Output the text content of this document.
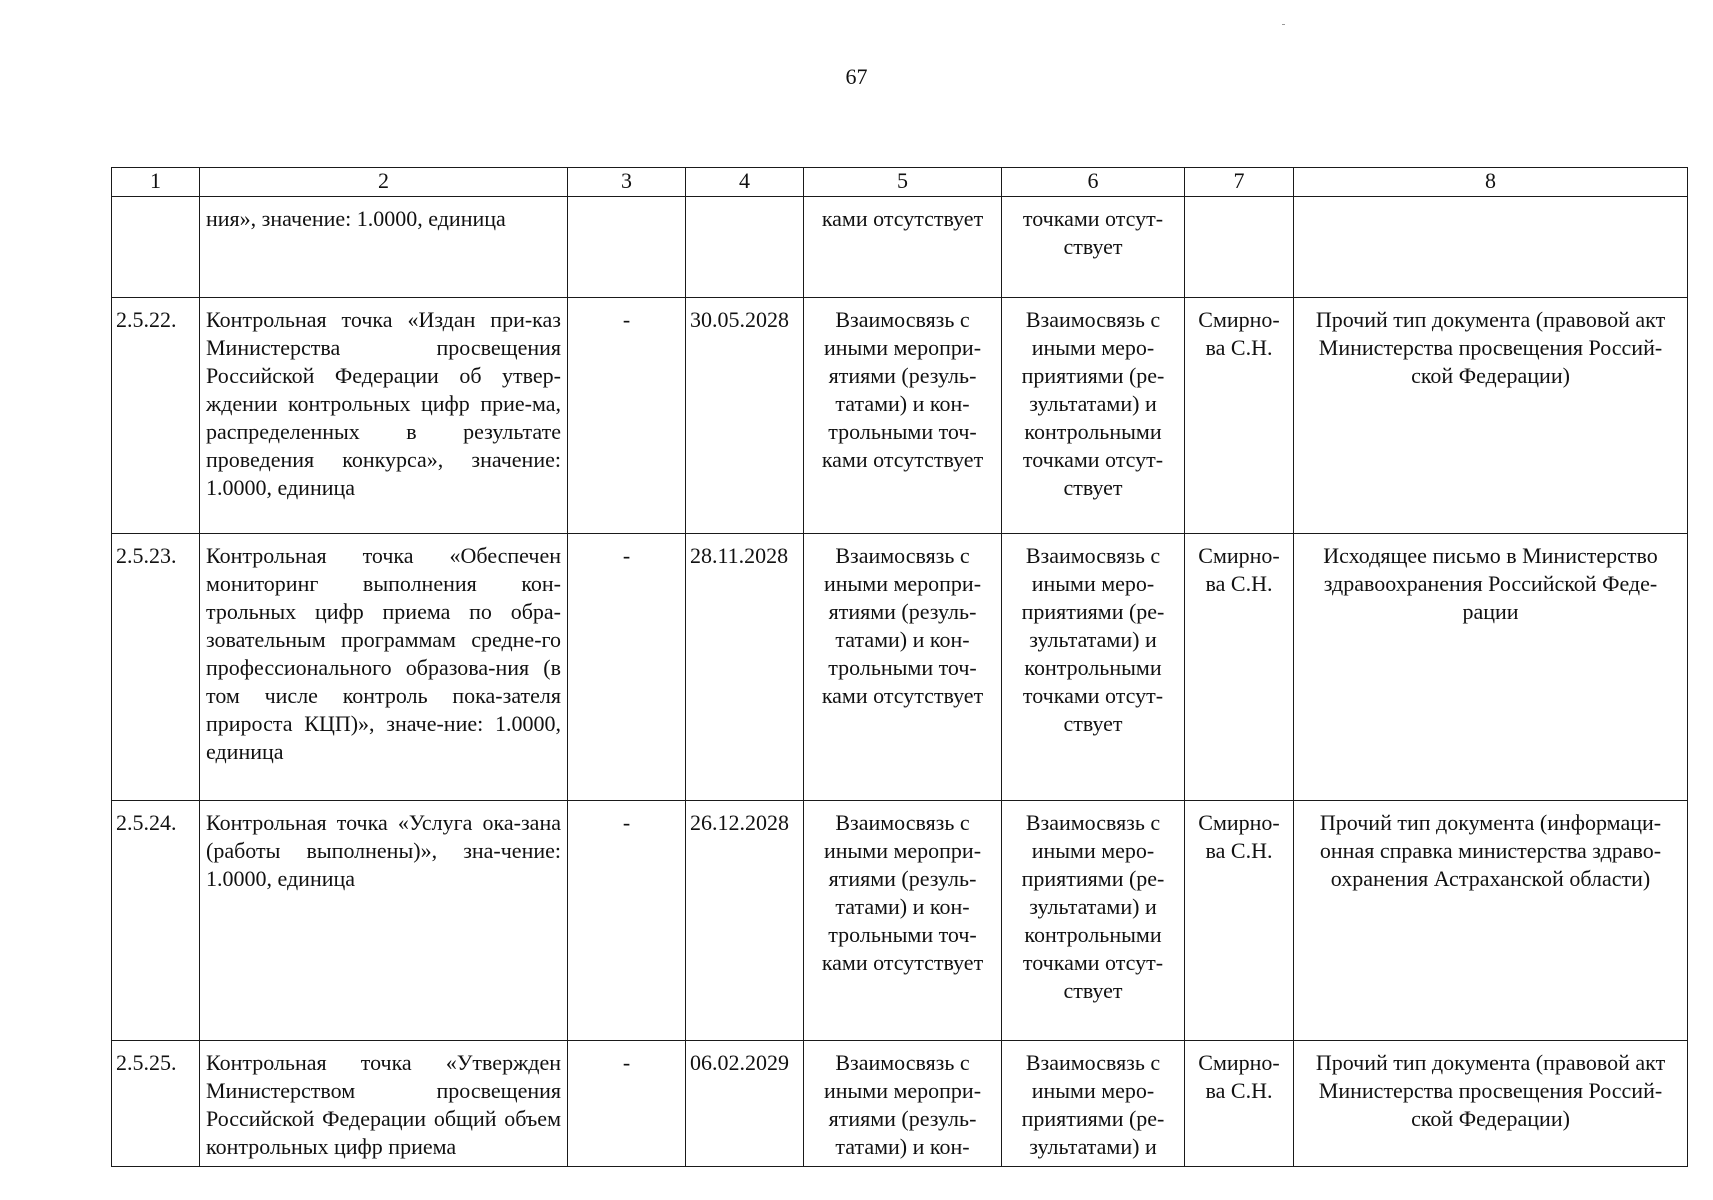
67
1	2	3	4	5	6	7	8
	ния», значение: 1.0000, единица			ками отсутствует	точками отсут-ствует		
2.5.22.	Контрольная точка «Издан при-каз Министерства просвещения Российской Федерации об утвер-ждении контрольных цифр прие-ма, распределенных в результате проведения конкурса», значение: 1.0000, единица	-	30.05.2028	Взаимосвязь с иными меропри-ятиями (резуль-татами) и кон-трольными точ-ками отсутствует	Взаимосвязь с иными меро-приятиями (ре-зультатами) и контрольными точками отсут-ствует	Смирно-ва С.Н.	Прочий тип документа (правовой акт Министерства просвещения Россий-ской Федерации)
2.5.23.	Контрольная точка «Обеспечен мониторинг выполнения кон-трольных цифр приема по обра-зовательным программам средне-го профессионального образова-ния (в том числе контроль пока-зателя прироста КЦП)», значе-ние: 1.0000, единица	-	28.11.2028	Взаимосвязь с иными меропри-ятиями (резуль-татами) и кон-трольными точ-ками отсутствует	Взаимосвязь с иными меро-приятиями (ре-зультатами) и контрольными точками отсут-ствует	Смирно-ва С.Н.	Исходящее письмо в Министерство здравоохранения Российской Феде-рации
2.5.24.	Контрольная точка «Услуга ока-зана (работы выполнены)», зна-чение: 1.0000, единица	-	26.12.2028	Взаимосвязь с иными меропри-ятиями (резуль-татами) и кон-трольными точ-ками отсутствует	Взаимосвязь с иными меро-приятиями (ре-зультатами) и контрольными точками отсут-ствует	Смирно-ва С.Н.	Прочий тип документа (информаци-онная справка министерства здраво-охранения Астраханской области)
2.5.25.	Контрольная точка «Утвержден Министерством просвещения Российской Федерации общий объем контрольных цифр приема	-	06.02.2029	Взаимосвязь с иными меропри-ятиями (резуль-татами) и кон-	Взаимосвязь с иными меро-приятиями (ре-зультатами) и	Смирно-ва С.Н.	Прочий тип документа (правовой акт Министерства просвещения Россий-ской Федерации)
